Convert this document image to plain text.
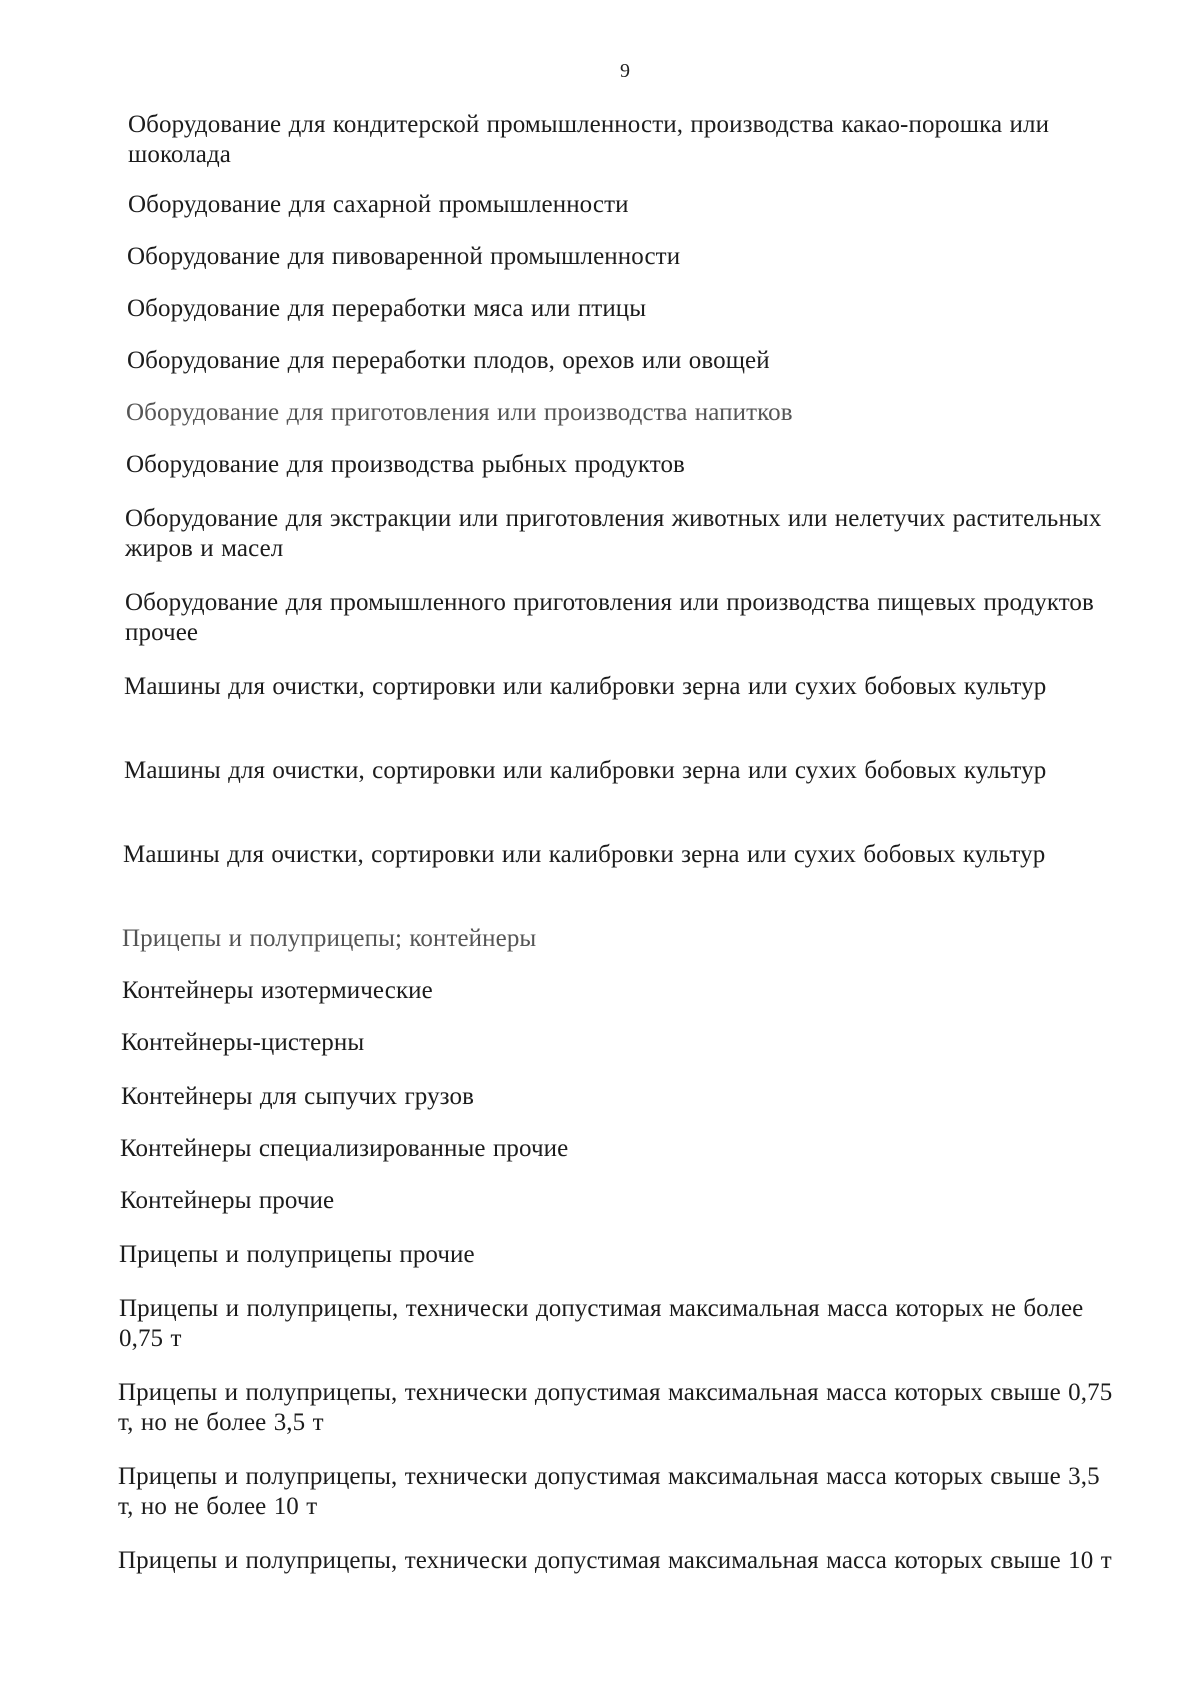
9
Оборудование для кондитерской промышленности, производства какао-порошка или шоколада
Оборудование для сахарной промышленности
Оборудование для пивоваренной промышленности
Оборудование для переработки мяса или птицы
Оборудование для переработки плодов, орехов или овощей
Оборудование для приготовления или производства напитков
Оборудование для производства рыбных продуктов
Оборудование для экстракции или приготовления животных или нелетучих растительных жиров и масел
Оборудование для промышленного приготовления или производства пищевых продуктов прочее
Машины для очистки, сортировки или калибровки зерна или сухих бобовых культур
Машины для очистки, сортировки или калибровки зерна или сухих бобовых культур
Машины для очистки, сортировки или калибровки зерна или сухих бобовых культур
Прицепы и полуприцепы; контейнеры
Контейнеры изотермические
Контейнеры-цистерны
Контейнеры для сыпучих грузов
Контейнеры специализированные прочие
Контейнеры прочие
Прицепы и полуприцепы прочие
Прицепы и полуприцепы, технически допустимая максимальная масса которых не более 0,75 т
Прицепы и полуприцепы, технически допустимая максимальная масса которых свыше 0,75 т, но не более 3,5 т
Прицепы и полуприцепы, технически допустимая максимальная масса которых свыше 3,5 т, но не более 10 т
Прицепы и полуприцепы, технически допустимая максимальная масса которых свыше 10 т
